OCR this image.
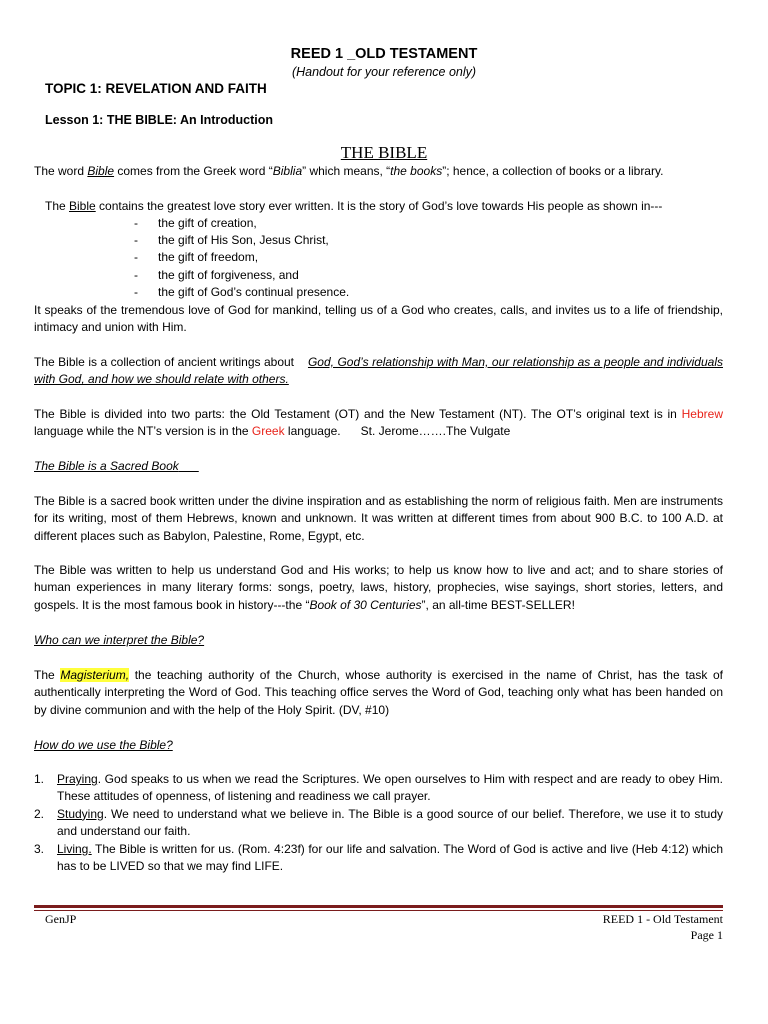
REED 1 _OLD TESTAMENT
(Handout for your reference only)
TOPIC 1: REVELATION AND FAITH
Lesson 1: THE BIBLE: An Introduction
THE BIBLE
The word Bible comes from the Greek word “Biblia” which means, “the books”; hence, a collection of books or a library.
The Bible contains the greatest love story ever written. It is the story of God’s love towards His people as shown in---
-	the gift of creation,
-	the gift of His Son, Jesus Christ,
-	the gift of freedom,
-	the gift of forgiveness, and
-	the gift of God’s continual presence.
It speaks of the tremendous love of God for mankind, telling us of a God who creates, calls, and invites us to a life of friendship, intimacy and union with Him.
The Bible is a collection of ancient writings about    God, God’s relationship with Man, our relationship as a people and individuals with God, and how we should relate with others.
The Bible is divided into two parts: the Old Testament (OT) and the New Testament (NT). The OT’s original text is in Hebrew language while the NT’s version is in the Greek language.      St. Jerome…….The Vulgate
The Bible is a Sacred Book
The Bible is a sacred book written under the divine inspiration and as establishing the norm of religious faith. Men are instruments for its writing, most of them Hebrews, known and unknown. It was written at different times from about 900 B.C. to 100 A.D. at different places such as Babylon, Palestine, Rome, Egypt, etc.
The Bible was written to help us understand God and His works; to help us know how to live and act; and to share stories of human experiences in many literary forms: songs, poetry, laws, history, prophecies, wise sayings, short stories, letters, and gospels. It is the most famous book in history---the “Book of 30 Centuries”, an all-time BEST-SELLER!
Who can we interpret the Bible?
The Magisterium, the teaching authority of the Church, whose authority is exercised in the name of Christ, has the task of authentically interpreting the Word of God. This teaching office serves the Word of God, teaching only what has been handed on by divine communion and with the help of the Holy Spirit. (DV, #10)
How do we use the Bible?
1.	Praying. God speaks to us when we read the Scriptures. We open ourselves to Him with respect and are ready to obey Him. These attitudes of openness, of listening and readiness we call prayer.
2.	Studying. We need to understand what we believe in. The Bible is a good source of our belief. Therefore, we use it to study and understand our faith.
3.	Living. The Bible is written for us. (Rom. 4:23f) for our life and salvation. The Word of God is active and live (Heb 4:12) which has to be LIVED so that we may find LIFE.
GenJP	REED 1 - Old Testament
Page 1
